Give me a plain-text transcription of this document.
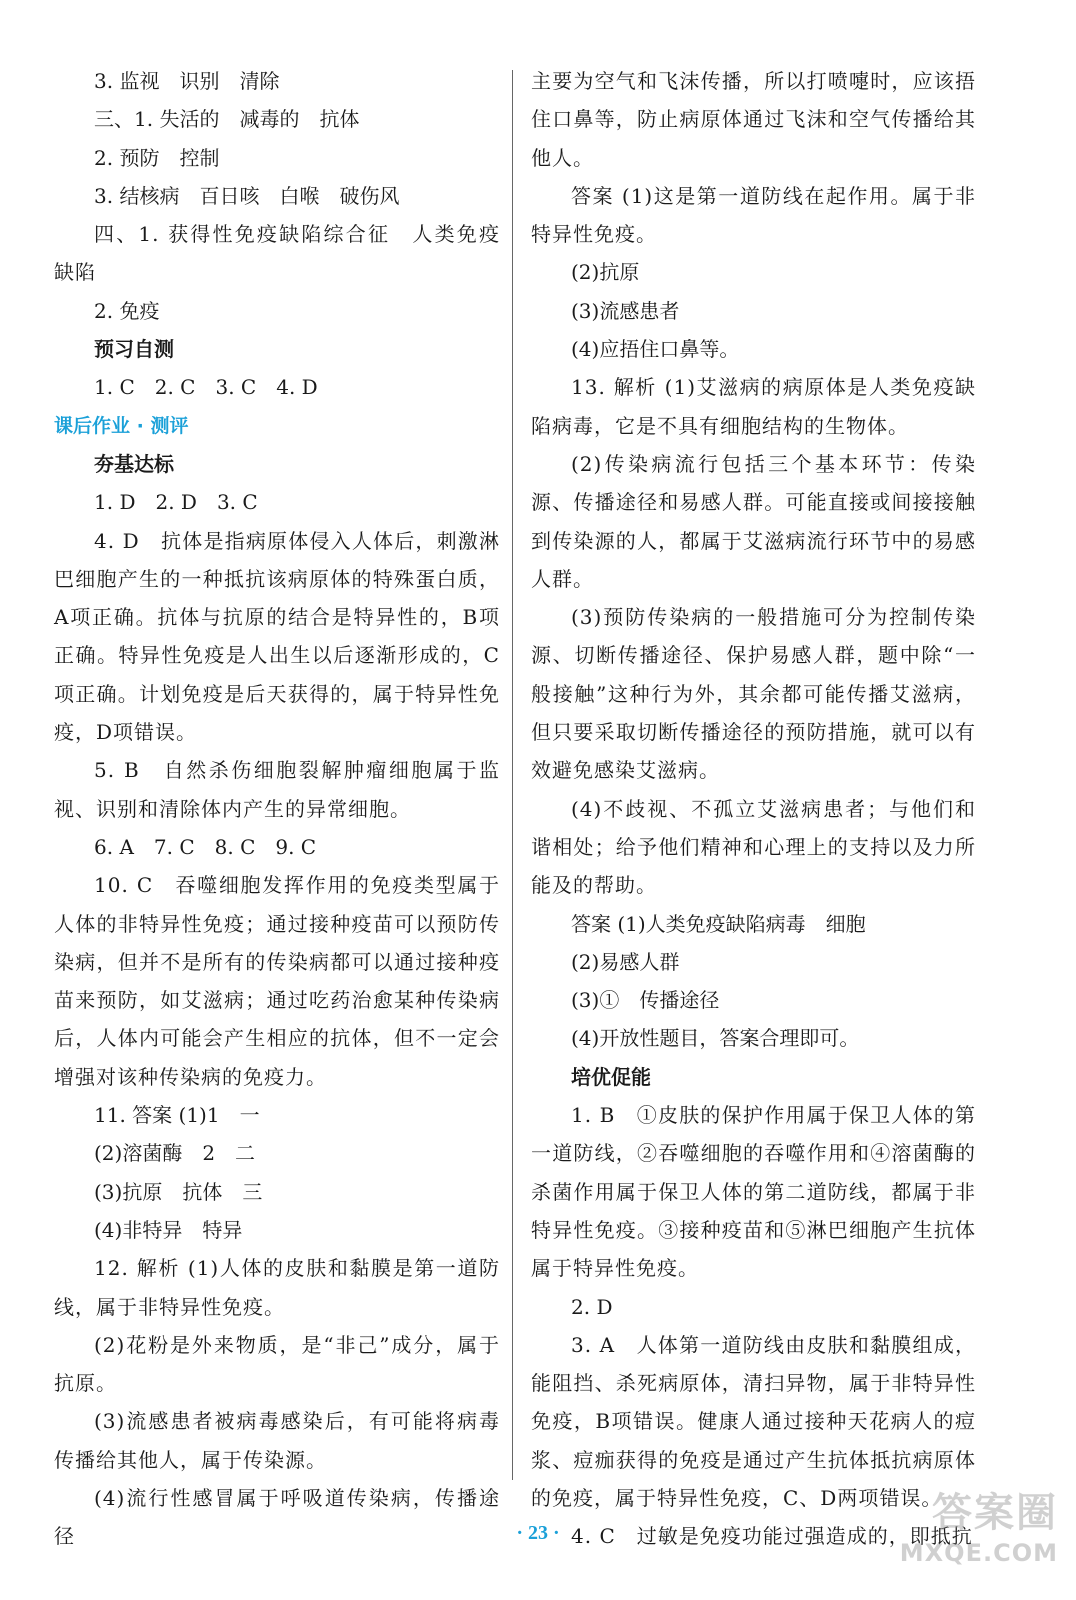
3. 监视　识别　清除

三、1. 失活的　减毒的　抗体

2. 预防　控制

3. 结核病　百日咳　白喉　破伤风

四、1. 获得性免疫缺陷综合征　人类免疫缺陷

2. 免疫

预习自测

1. C　2. C　3. C　4. D

课后作业 · 测评

夯基达标

1. D　2. D　3. C

4. D　抗体是指病原体侵入人体后，刺激淋巴细胞产生的一种抵抗该病原体的特殊蛋白质，A项正确。抗体与抗原的结合是特异性的，B项正确。特异性免疫是人出生以后逐渐形成的，C项正确。计划免疫是后天获得的，属于特异性免疫，D项错误。

5. B　自然杀伤细胞裂解肿瘤细胞属于监视、识别和清除体内产生的异常细胞。

6. A　7. C　8. C　9. C

10. C　吞噬细胞发挥作用的免疫类型属于人体的非特异性免疫；通过接种疫苗可以预防传染病，但并不是所有的传染病都可以通过接种疫苗来预防，如艾滋病；通过吃药治愈某种传染病后，人体内可能会产生相应的抗体，但不一定会增强对该种传染病的免疫力。

11. 答案 (1)1　一

(2)溶菌酶　2　二

(3)抗原　抗体　三

(4)非特异　特异

12. 解析 (1)人体的皮肤和黏膜是第一道防线，属于非特异性免疫。

(2)花粉是外来物质，是“非己”成分，属于抗原。

(3)流感患者被病毒感染后，有可能将病毒传播给其他人，属于传染源。

(4)流行性感冒属于呼吸道传染病，传播途径

主要为空气和飞沫传播，所以打喷嚏时，应该捂住口鼻等，防止病原体通过飞沫和空气传播给其他人。

答案 (1)这是第一道防线在起作用。属于非特异性免疫。

(2)抗原

(3)流感患者

(4)应捂住口鼻等。

13. 解析 (1)艾滋病的病原体是人类免疫缺陷病毒，它是不具有细胞结构的生物体。

(2)传染病流行包括三个基本环节：传染源、传播途径和易感人群。可能直接或间接接触到传染源的人，都属于艾滋病流行环节中的易感人群。

(3)预防传染病的一般措施可分为控制传染源、切断传播途径、保护易感人群，题中除“一般接触”这种行为外，其余都可能传播艾滋病，但只要采取切断传播途径的预防措施，就可以有效避免感染艾滋病。

(4)不歧视、不孤立艾滋病患者；与他们和谐相处；给予他们精神和心理上的支持以及力所能及的帮助。

答案 (1)人类免疫缺陷病毒　细胞

(2)易感人群

(3)①　传播途径

(4)开放性题目，答案合理即可。

培优促能

1. B　①皮肤的保护作用属于保卫人体的第一道防线，②吞噬细胞的吞噬作用和④溶菌酶的杀菌作用属于保卫人体的第二道防线，都属于非特异性免疫。③接种疫苗和⑤淋巴细胞产生抗体属于特异性免疫。

2. D

3. A　人体第一道防线由皮肤和黏膜组成，能阻挡、杀死病原体，清扫异物，属于非特异性免疫，B项错误。健康人通过接种天花病人的痘浆、痘痂获得的免疫是通过产生抗体抵抗病原体的免疫，属于特异性免疫，C、D两项错误。

4. C　过敏是免疫功能过强造成的，即抵抗

· 23 ·	答案圈
MXQE.COM
